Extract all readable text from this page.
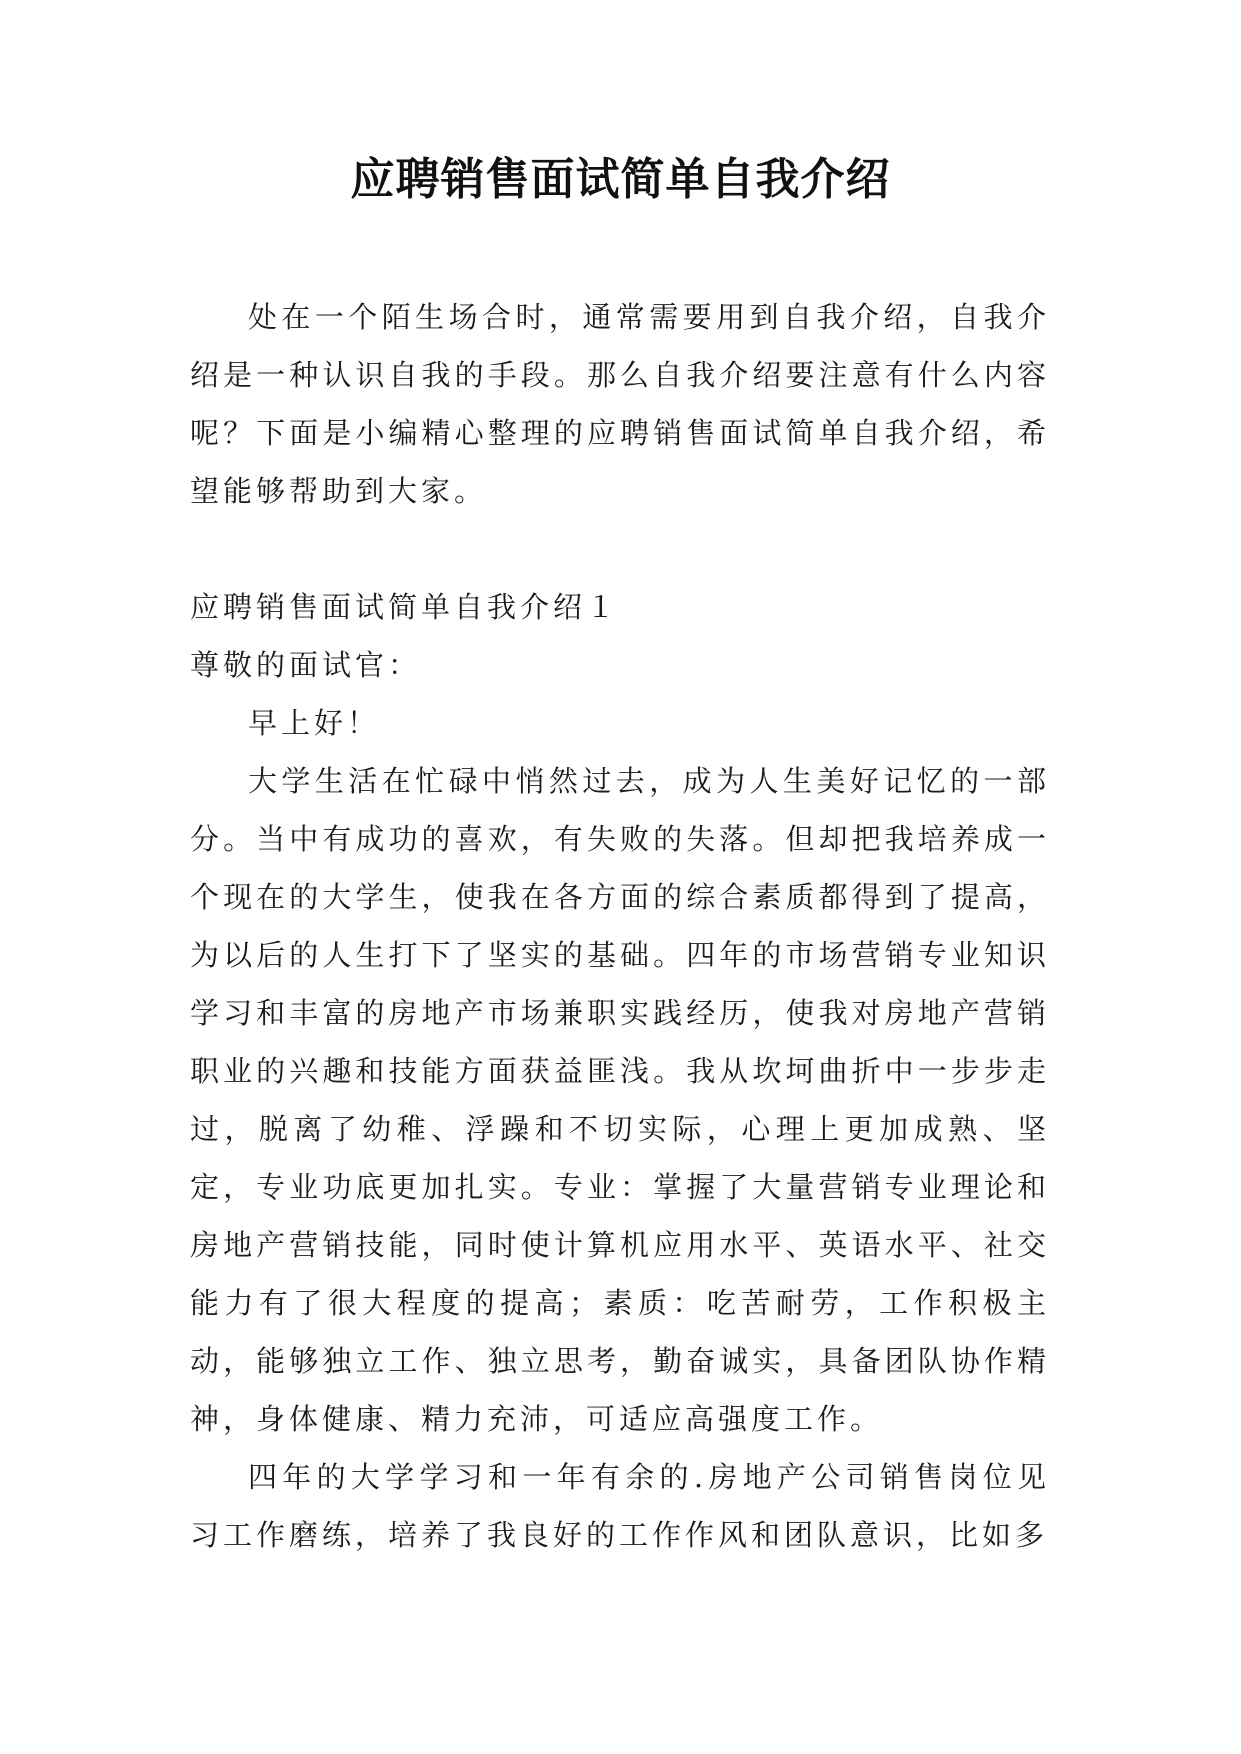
应聘销售面试简单自我介绍

处在一个陌生场合时，通常需要用到自我介绍，自我介绍是一种认识自我的手段。那么自我介绍要注意有什么内容呢？下面是小编精心整理的应聘销售面试简单自我介绍，希望能够帮助到大家。

应聘销售面试简单自我介绍１

尊敬的面试官：

早上好！

大学生活在忙碌中悄然过去，成为人生美好记忆的一部分。当中有成功的喜欢，有失败的失落。但却把我培养成一个现在的大学生，使我在各方面的综合素质都得到了提高，为以后的人生打下了坚实的基础。四年的市场营销专业知识学习和丰富的房地产市场兼职实践经历，使我对房地产营销职业的兴趣和技能方面获益匪浅。我从坎坷曲折中一步步走过，脱离了幼稚、浮躁和不切实际，心理上更加成熟、坚定，专业功底更加扎实。专业：掌握了大量营销专业理论和房地产营销技能，同时使计算机应用水平、英语水平、社交能力有了很大程度的提高；素质：吃苦耐劳，工作积极主动，能够独立工作、独立思考，勤奋诚实，具备团队协作精神，身体健康、精力充沛，可适应高强度工作。

四年的大学学习和一年有余的.房地产公司销售岗位见习工作磨练，培养了我良好的工作作风和团队意识，比如多
